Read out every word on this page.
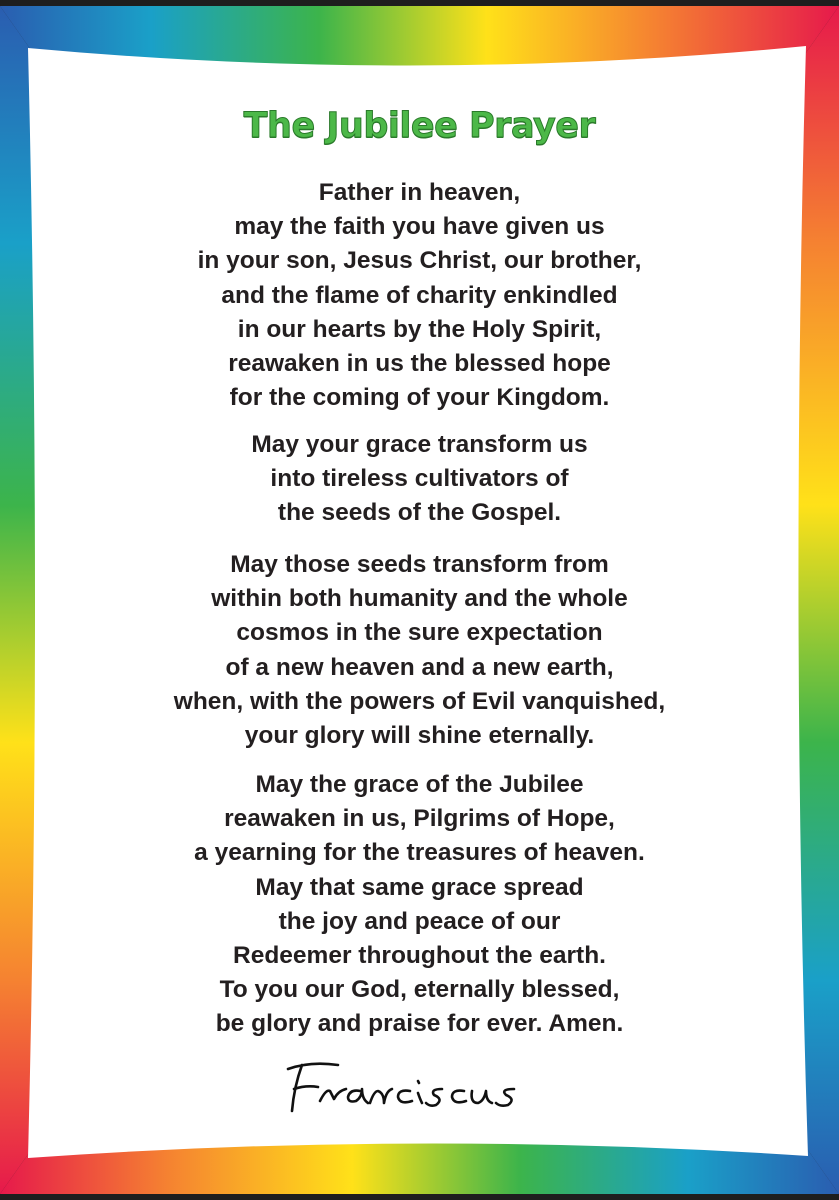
The Jubilee Prayer

Father in heaven,
may the faith you have given us
in your son, Jesus Christ, our brother,
and the flame of charity enkindled
in our hearts by the Holy Spirit,
reawaken in us the blessed hope
for the coming of your Kingdom.

May your grace transform us
into tireless cultivators of
the seeds of the Gospel.

May those seeds transform from
within both humanity and the whole
cosmos in the sure expectation
of a new heaven and a new earth,
when, with the powers of Evil vanquished,
your glory will shine eternally.

May the grace of the Jubilee
reawaken in us, Pilgrims of Hope,
a yearning for the treasures of heaven.
May that same grace spread
the joy and peace of our
Redeemer throughout the earth.
To you our God, eternally blessed,
be glory and praise for ever. Amen.
